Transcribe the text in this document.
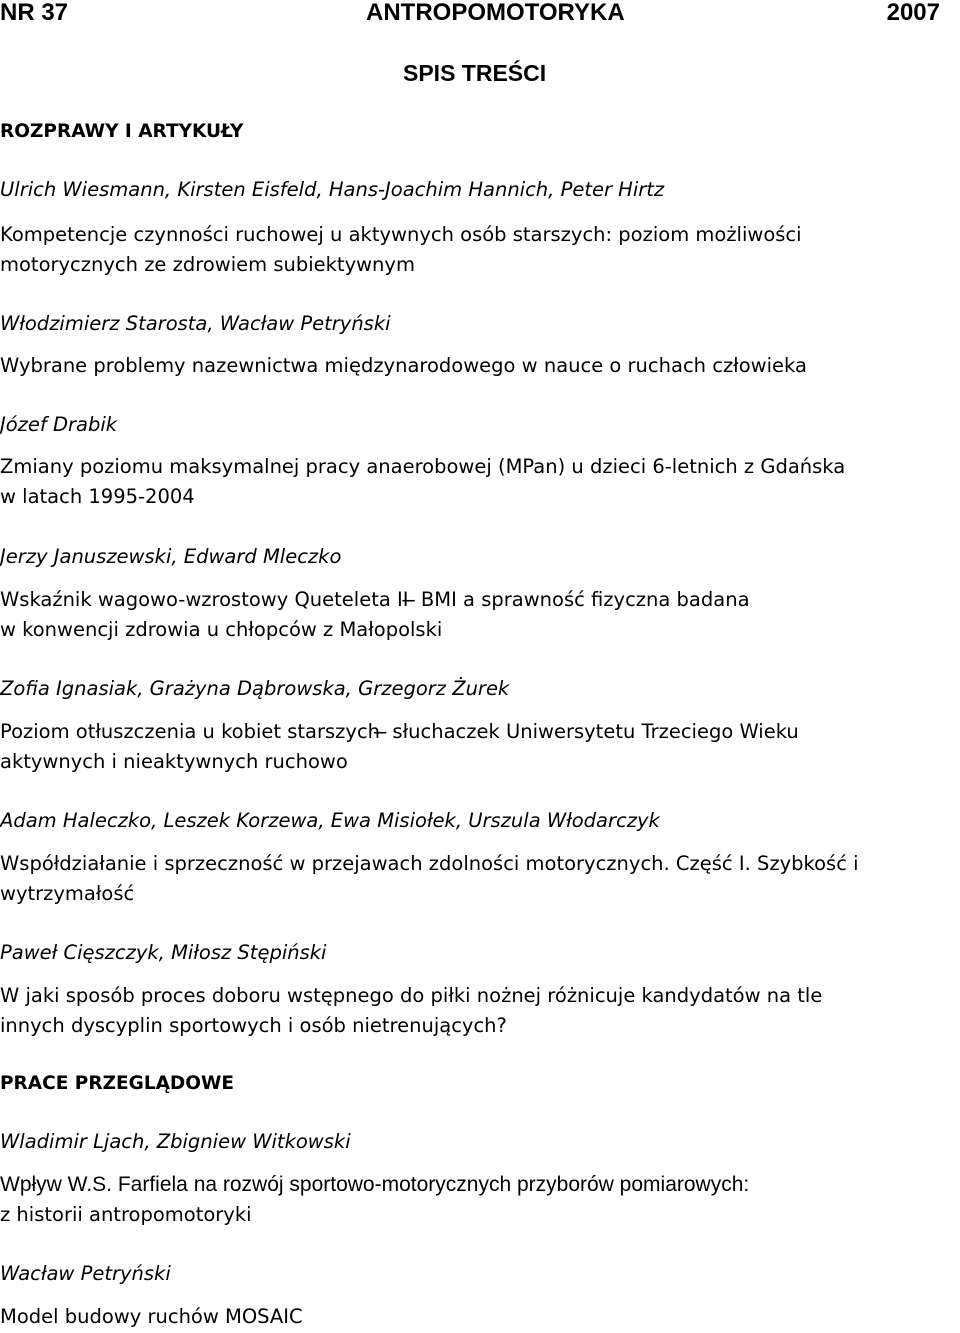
NR 37	ANTROPOMOTORYKA	2007
SPIS TREŚCI
ROZPRAWY I ARTYKUŁY
Ulrich Wiesmann, Kirsten Eisfeld, Hans-Joachim Hannich, Peter Hirtz
Kompetencje czynności ruchowej u aktywnych osób starszych: poziom możliwości
motorycznych ze zdrowiem subiektywnym
Włodzimierz Starosta, Wacław Petryński
Wybrane problemy nazewnictwa międzynarodowego w nauce o ruchach człowieka
Józef Drabik
Zmiany poziomu maksymalnej pracy anaerobowej (MPan) u dzieci 6-letnich z Gdańska
w latach 1995-2004
Jerzy Januszewski, Edward Mleczko
Wskaźnik wagowo-wzrostowy Queteleta II ̶ BMI a sprawność fizyczna badana
w konwencji zdrowia u chłopców z Małopolski
Zofia Ignasiak, Grażyna Dąbrowska, Grzegorz Żurek
Poziom otłuszczenia u kobiet starszych ̶ słuchaczek Uniwersytetu Trzeciego Wieku
aktywnych i nieaktywnych ruchowo
Adam Haleczko, Leszek Korzewa, Ewa Misiołek, Urszula Włodarczyk
Współdziałanie i sprzeczność w przejawach zdolności motorycznych. Część I. Szybkość i
wytrzymałość
Paweł Cięszczyk, Miłosz Stępiński
W jaki sposób proces doboru wstępnego do piłki nożnej różnicuje kandydatów na tle
innych dyscyplin sportowych i osób nietrenujących?
PRACE PRZEGLĄDOWE
Wladimir Ljach, Zbigniew Witkowski
Wpływ W.S. Farfiela na rozwój sportowo-motorycznych przyborów pomiarowych:
z historii antropomotoryki
Wacław Petryński
Model budowy ruchów MOSAIC
